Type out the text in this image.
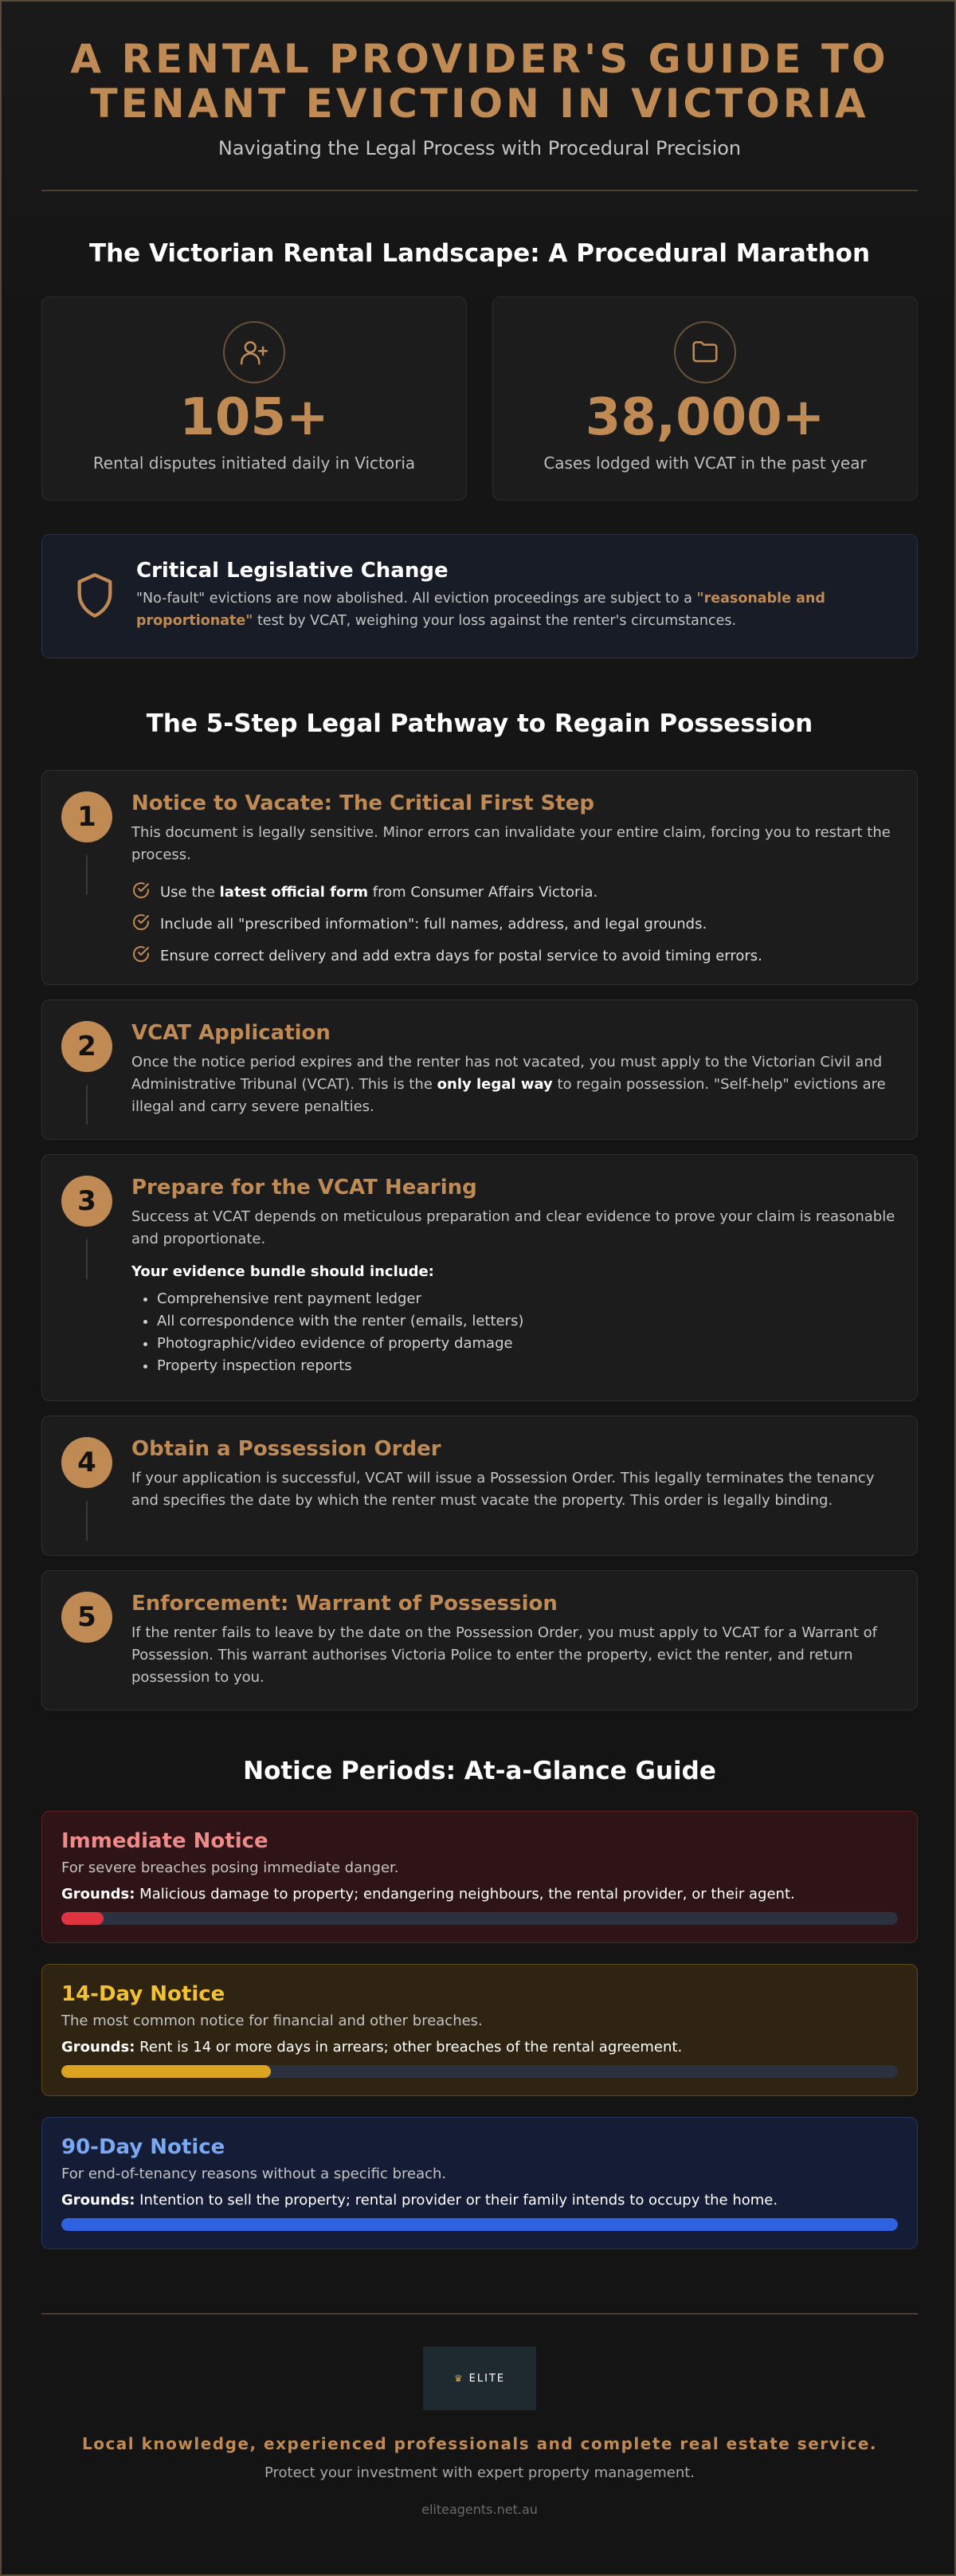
A RENTAL PROVIDER'S GUIDE TO
TENANT EVICTION IN VICTORIA
Navigating the Legal Process with Procedural Precision
The Victorian Rental Landscape: A Procedural Marathon
105+
Rental disputes initiated daily in Victoria
38,000+
Cases lodged with VCAT in the past year
Critical Legislative Change

"No-fault" evictions are now abolished. All eviction proceedings are subject to a "reasonable and proportionate" test by VCAT, weighing your loss against the renter's circumstances.

The 5-Step Legal Pathway to Regain Possession
1	Notice to Vacate: The Critical First Step

This document is legally sensitive. Minor errors can invalidate your entire claim, forcing you to restart the process.

Use the latest official form from Consumer Affairs Victoria.
Include all "prescribed information": full names, address, and legal grounds.
Ensure correct delivery and add extra days for postal service to avoid timing errors.
2	VCAT Application

Once the notice period expires and the renter has not vacated, you must apply to the Victorian Civil and Administrative Tribunal (VCAT). This is the only legal way to regain possession. "Self-help" evictions are illegal and carry severe penalties.

3	Prepare for the VCAT Hearing

Success at VCAT depends on meticulous preparation and clear evidence to prove your claim is reasonable and proportionate.

Your evidence bundle should include:
• Comprehensive rent payment ledger
• All correspondence with the renter (emails, letters)
• Photographic/video evidence of property damage
• Property inspection reports
4	Obtain a Possession Order

If your application is successful, VCAT will issue a Possession Order. This legally terminates the tenancy and specifies the date by which the renter must vacate the property. This order is legally binding.

5	Enforcement: Warrant of Possession

If the renter fails to leave by the date on the Possession Order, you must apply to VCAT for a Warrant of Possession. This warrant authorises Victoria Police to enter the property, evict the renter, and return possession to you.

Notice Periods: At-a-Glance Guide
Immediate Notice
For severe breaches posing immediate danger.
Grounds: Malicious damage to property; endangering neighbours, the rental provider, or their agent.
14-Day Notice
The most common notice for financial and other breaches.
Grounds: Rent is 14 or more days in arrears; other breaches of the rental agreement.
90-Day Notice
For end-of-tenancy reasons without a specific breach.
Grounds: Intention to sell the property; rental provider or their family intends to occupy the home.
♛ ELITE
Local knowledge, experienced professionals and complete real estate service.
Protect your investment with expert property management.
eliteagents.net.au
